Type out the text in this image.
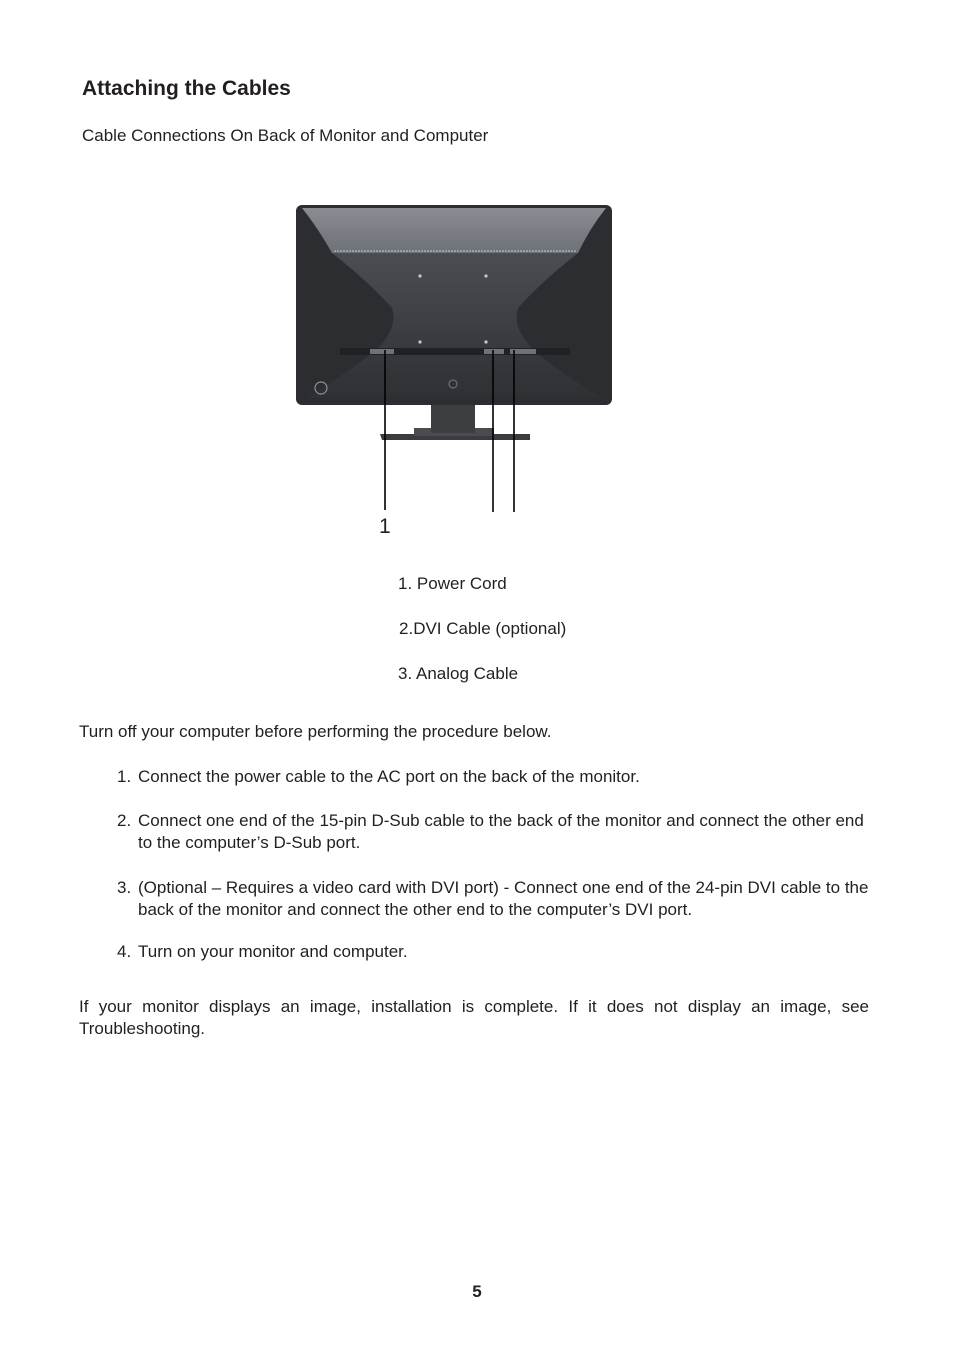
Attaching the Cables
Cable Connections On Back of Monitor and Computer
1
1. Power Cord
2.DVI Cable (optional)
3. Analog Cable
Turn off your computer before performing the procedure below.
1. Connect the power cable to the AC port on the back of the monitor.
2. Connect one end of the 15-pin D-Sub cable to the back of the monitor and connect the other end to the computer’s D-Sub port.
3. (Optional – Requires a video card with DVI port) - Connect one end of the 24-pin DVI cable to the back of the monitor and connect the other end to the computer’s DVI port.
4. Turn on your monitor and computer.
If your monitor displays an image, installation is complete. If it does not display an image, see Troubleshooting.
5
